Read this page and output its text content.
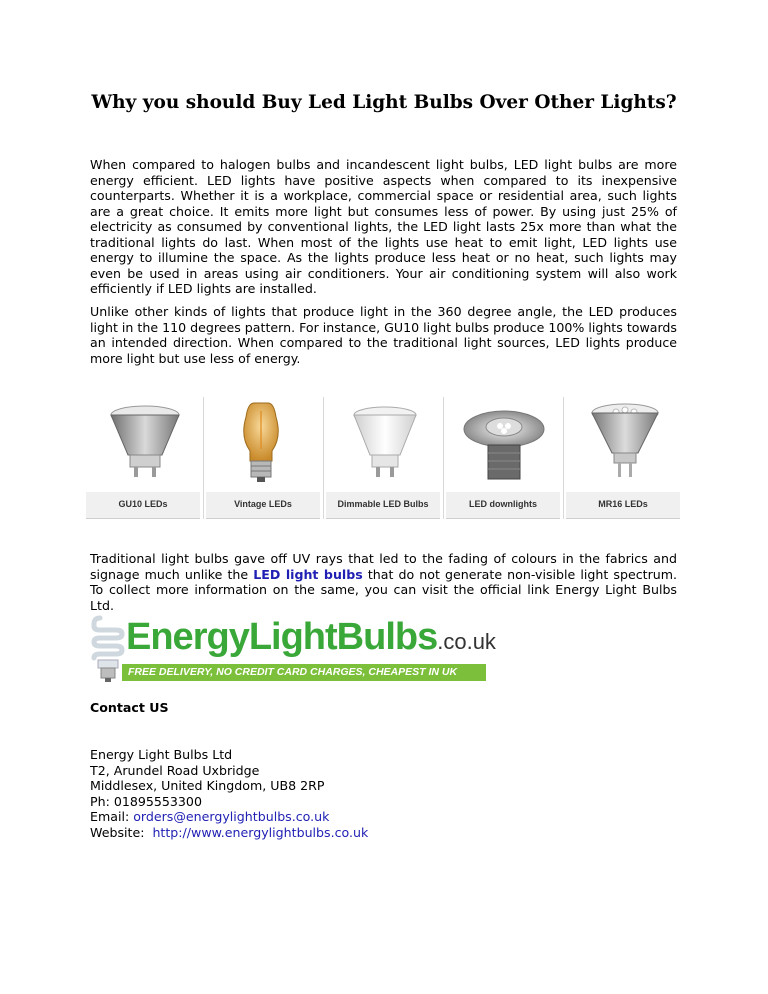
Why you should Buy Led Light Bulbs Over Other Lights?

When compared to halogen bulbs and incandescent light bulbs, LED light bulbs are more energy efficient. LED lights have positive aspects when compared to its inexpensive counterparts. Whether it is a workplace, commercial space or residential area, such lights are a great choice. It emits more light but consumes less of power. By using just 25% of electricity as consumed by conventional lights, the LED light lasts 25x more than what the traditional lights do last. When most of the lights use heat to emit light, LED lights use energy to illumine the space. As the lights produce less heat or no heat, such lights may even be used in areas using air conditioners. Your air conditioning system will also work efficiently if LED lights are installed.

Unlike other kinds of lights that produce light in the 360 degree angle, the LED produces light in the 110 degrees pattern. For instance, GU10 light bulbs produce 100% lights towards an intended direction. When compared to the traditional light sources, LED lights produce more light but use less of energy.

GU10 LEDs	Vintage LEDs	Dimmable LED Bulbs	LED downlights	MR16 LEDs

Traditional light bulbs gave off UV rays that led to the fading of colours in the fabrics and signage much unlike the LED light bulbs that do not generate non-visible light spectrum. To collect more information on the same, you can visit the official link Energy Light Bulbs Ltd.

EnergyLightBulbs.co.uk
FREE DELIVERY, NO CREDIT CARD CHARGES, CHEAPEST IN UK
Contact US
Energy Light Bulbs Ltd
T2, Arundel Road Uxbridge
Middlesex, United Kingdom, UB8 2RP
Ph: 01895553300
Email: orders@energylightbulbs.co.uk
Website:  http://www.energylightbulbs.co.uk
